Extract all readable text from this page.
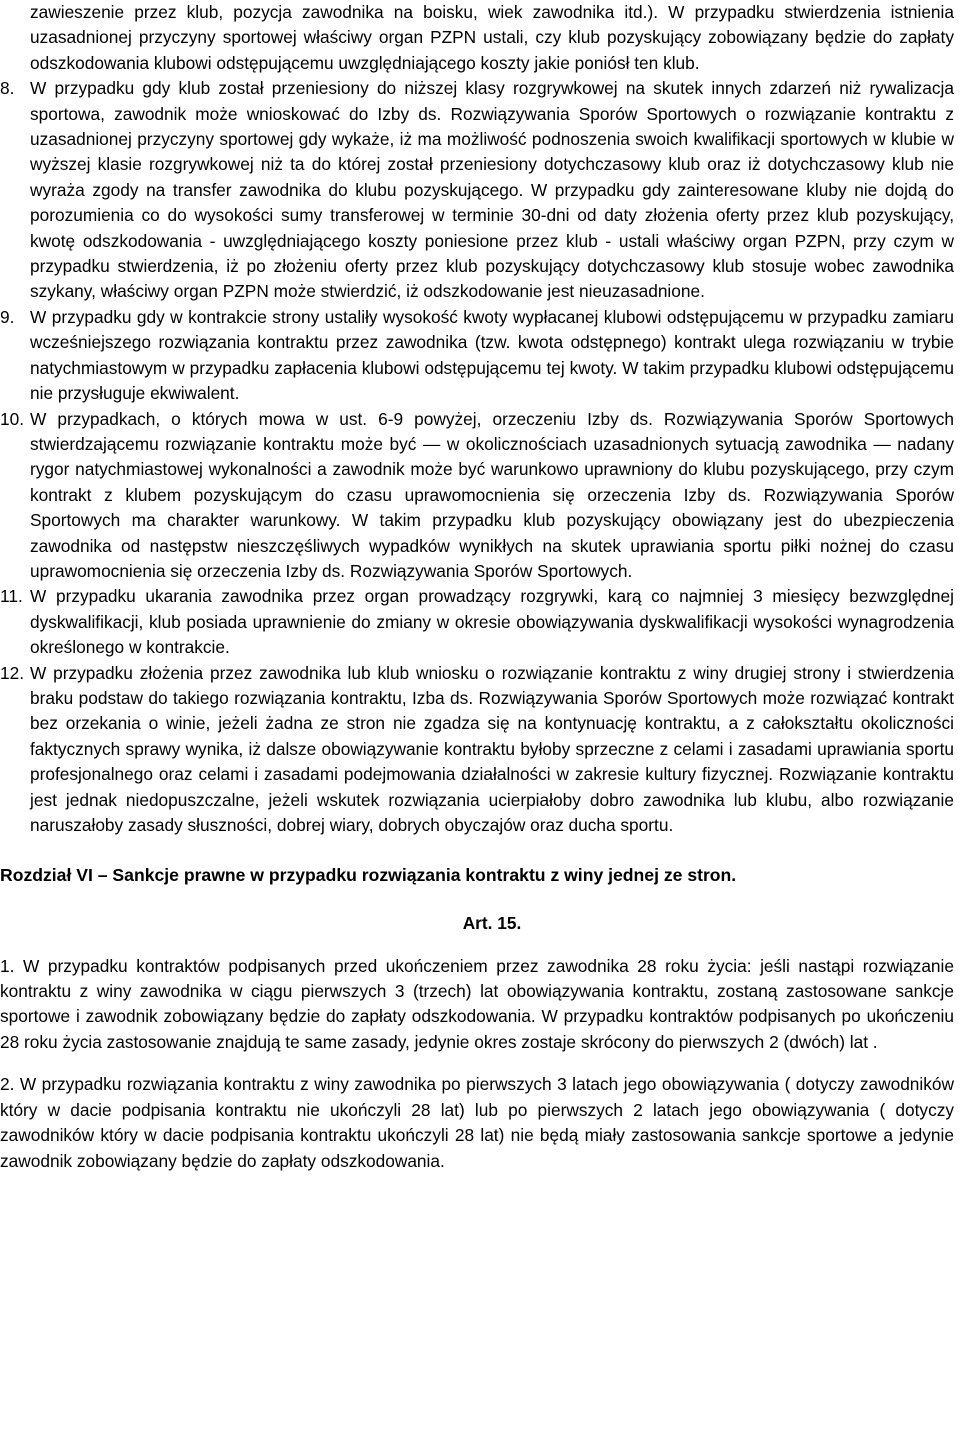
zawieszenie przez klub, pozycja zawodnika na boisku, wiek zawodnika itd.). W przypadku stwierdzenia istnienia uzasadnionej przyczyny sportowej właściwy organ PZPN ustali, czy klub pozyskujący zobowiązany będzie do zapłaty odszkodowania klubowi odstępującemu uwzględniającego koszty jakie poniósł ten klub.

8. W przypadku gdy klub został przeniesiony do niższej klasy rozgrywkowej na skutek innych zdarzeń niż rywalizacja sportowa, zawodnik może wnioskować do Izby ds. Rozwiązywania Sporów Sportowych o rozwiązanie kontraktu z uzasadnionej przyczyny sportowej gdy wykaże, iż ma możliwość podnoszenia swoich kwalifikacji sportowych w klubie w wyższej klasie rozgrywkowej niż ta do której został przeniesiony dotychczasowy klub oraz iż dotychczasowy klub nie wyraża zgody na transfer zawodnika do klubu pozyskującego. W przypadku gdy zainteresowane kluby nie dojdą do porozumienia co do wysokości sumy transferowej w terminie 30-dni od daty złożenia oferty przez klub pozyskujący, kwotę odszkodowania - uwzględniającego koszty poniesione przez klub - ustali właściwy organ PZPN, przy czym w przypadku stwierdzenia, iż po złożeniu oferty przez klub pozyskujący dotychczasowy klub stosuje wobec zawodnika szykany, właściwy organ PZPN może stwierdzić, iż odszkodowanie jest nieuzasadnione.
9. W przypadku gdy w kontrakcie strony ustaliły wysokość kwoty wypłacanej klubowi odstępującemu w przypadku zamiaru wcześniejszego rozwiązania kontraktu przez zawodnika (tzw. kwota odstępnego) kontrakt ulega rozwiązaniu w trybie natychmiastowym w przypadku zapłacenia klubowi odstępującemu tej kwoty. W takim przypadku klubowi odstępującemu nie przysługuje ekwiwalent.
10. W przypadkach, o których mowa w ust. 6-9 powyżej, orzeczeniu Izby ds. Rozwiązywania Sporów Sportowych stwierdzającemu rozwiązanie kontraktu może być — w okolicznościach uzasadnionych sytuacją zawodnika — nadany rygor natychmiastowej wykonalności a zawodnik może być warunkowo uprawniony do klubu pozyskującego, przy czym kontrakt z klubem pozyskującym do czasu uprawomocnienia się orzeczenia Izby ds. Rozwiązywania Sporów Sportowych ma charakter warunkowy. W takim przypadku klub pozyskujący obowiązany jest do ubezpieczenia zawodnika od następstw nieszczęśliwych wypadków wynikłych na skutek uprawiania sportu piłki nożnej do czasu uprawomocnienia się orzeczenia Izby ds. Rozwiązywania Sporów Sportowych.
11. W przypadku ukarania zawodnika przez organ prowadzący rozgrywki, karą co najmniej 3 miesięcy bezwzględnej dyskwalifikacji, klub posiada uprawnienie do zmiany w okresie obowiązywania dyskwalifikacji wysokości wynagrodzenia określonego w kontrakcie.
12. W przypadku złożenia przez zawodnika lub klub wniosku o rozwiązanie kontraktu z winy drugiej strony i stwierdzenia braku podstaw do takiego rozwiązania kontraktu, Izba ds. Rozwiązywania Sporów Sportowych może rozwiązać kontrakt bez orzekania o winie, jeżeli żadna ze stron nie zgadza się na kontynuację kontraktu, a z całokształtu okoliczności faktycznych sprawy wynika, iż dalsze obowiązywanie kontraktu byłoby sprzeczne z celami i zasadami uprawiania sportu profesjonalnego oraz celami i zasadami podejmowania działalności w zakresie kultury fizycznej. Rozwiązanie kontraktu jest jednak niedopuszczalne, jeżeli wskutek rozwiązania ucierpiałoby dobro zawodnika lub klubu, albo rozwiązanie naruszałoby zasady słuszności, dobrej wiary, dobrych obyczajów oraz ducha sportu.
Rozdział VI – Sankcje prawne w przypadku rozwiązania kontraktu z winy jednej ze stron.
Art. 15.

1. W przypadku kontraktów podpisanych przed ukończeniem przez zawodnika 28 roku życia: jeśli nastąpi rozwiązanie kontraktu z winy zawodnika w ciągu pierwszych 3 (trzech) lat obowiązywania kontraktu, zostaną zastosowane sankcje sportowe i zawodnik zobowiązany będzie do zapłaty odszkodowania. W przypadku kontraktów podpisanych po ukończeniu 28 roku życia zastosowanie znajdują te same zasady, jedynie okres zostaje skrócony do pierwszych 2 (dwóch) lat .

2. W przypadku rozwiązania kontraktu z winy zawodnika po pierwszych 3 latach jego obowiązywania ( dotyczy zawodników który w dacie podpisania kontraktu nie ukończyli 28 lat) lub po pierwszych 2 latach jego obowiązywania ( dotyczy zawodników który w dacie podpisania kontraktu ukończyli 28 lat) nie będą miały zastosowania sankcje sportowe a jedynie zawodnik zobowiązany będzie do zapłaty odszkodowania.
